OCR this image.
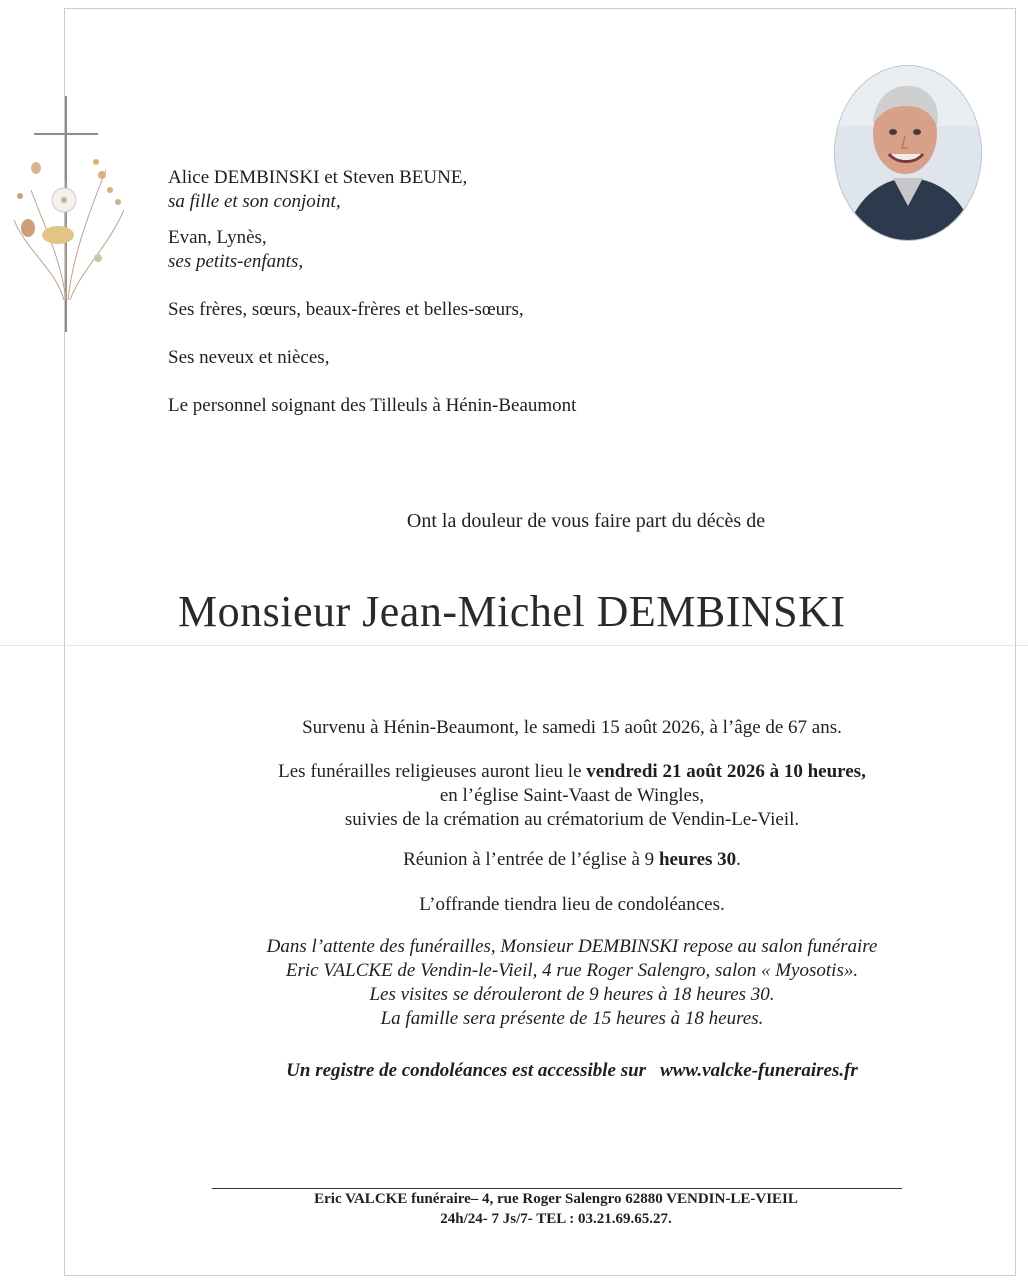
Alice DEMBINSKI et Steven BEUNE,

sa fille et son conjoint,

Evan, Lynès,

ses petits-enfants,

Ses frères, sœurs, beaux-frères et belles-sœurs,

Ses neveux et nièces,

Le personnel soignant des Tilleuls à Hénin-Beaumont

Ont la douleur de vous faire part du décès de
Monsieur Jean-Michel DEMBINSKI

Survenu à Hénin-Beaumont, le samedi 15 août 2026, à l’âge de 67 ans.

Les funérailles religieuses auront lieu le vendredi 21 août 2026 à 10 heures,

en l’église Saint-Vaast de Wingles,

suivies de la crémation au crématorium de Vendin-Le-Vieil.

Réunion à l’entrée de l’église à 9 heures 30.

L’offrande tiendra lieu de condoléances.

Dans l’attente des funérailles, Monsieur DEMBINSKI repose au salon funéraire

Eric VALCKE de Vendin-le-Vieil, 4 rue Roger Salengro, salon « Myosotis».

Les visites se dérouleront de 9 heures à 18 heures 30.

La famille sera présente de 15 heures à 18 heures.

Un registre de condoléances est accessible sur www.valcke-funeraires.fr

Eric VALCKE funéraire– 4, rue Roger Salengro 62880 VENDIN-LE-VIEIL

24h/24- 7 Js/7- TEL : 03.21.69.65.27.
